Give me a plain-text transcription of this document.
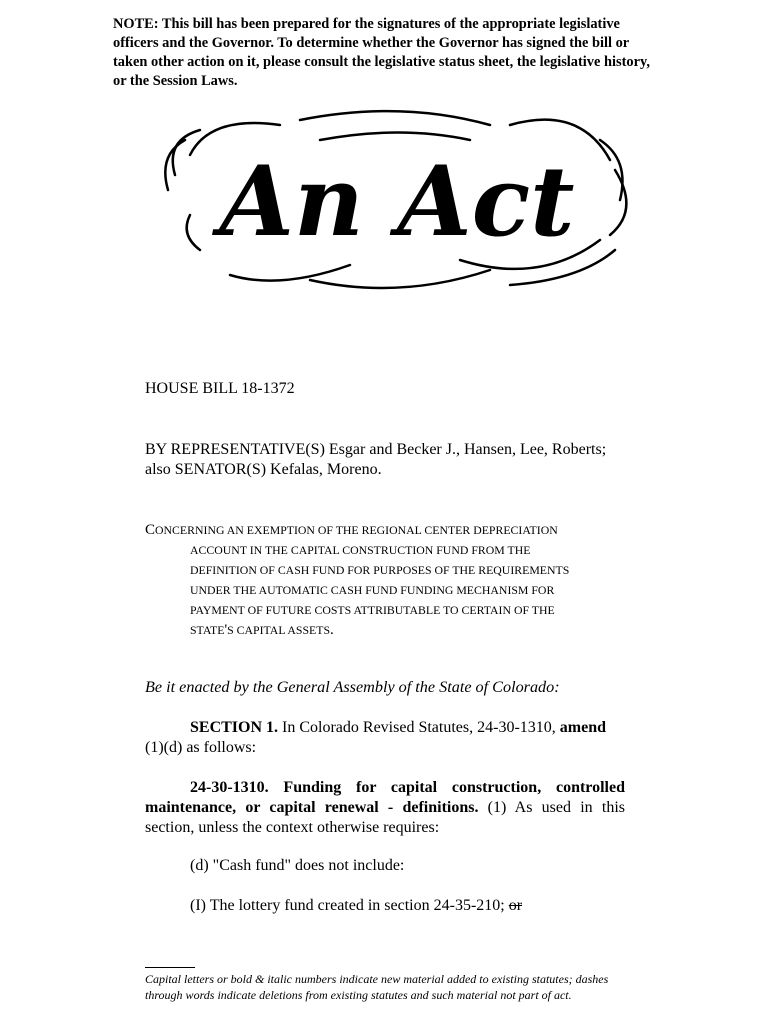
NOTE: This bill has been prepared for the signatures of the appropriate legislative officers and the Governor. To determine whether the Governor has signed the bill or taken other action on it, please consult the legislative status sheet, the legislative history, or the Session Laws.

An Act
HOUSE BILL 18-1372

BY REPRESENTATIVE(S) Esgar and Becker J., Hansen, Lee, Roberts;
also SENATOR(S) Kefalas, Moreno.

CONCERNING AN EXEMPTION OF THE REGIONAL CENTER DEPRECIATION
ACCOUNT IN THE CAPITAL CONSTRUCTION FUND FROM THE
DEFINITION OF CASH FUND FOR PURPOSES OF THE REQUIREMENTS
UNDER THE AUTOMATIC CASH FUND FUNDING MECHANISM FOR
PAYMENT OF FUTURE COSTS ATTRIBUTABLE TO CERTAIN OF THE
STATE'S CAPITAL ASSETS.

Be it enacted by the General Assembly of the State of Colorado:

SECTION 1. In Colorado Revised Statutes, 24-30-1310, amend (1)(d) as follows:

24-30-1310. Funding for capital construction, controlled maintenance, or capital renewal - definitions. (1) As used in this section, unless the context otherwise requires:

(d) "Cash fund" does not include:

(I) The lottery fund created in section 24-35-210; or

Capital letters or bold & italic numbers indicate new material added to existing statutes; dashes through words indicate deletions from existing statutes and such material not part of act.
